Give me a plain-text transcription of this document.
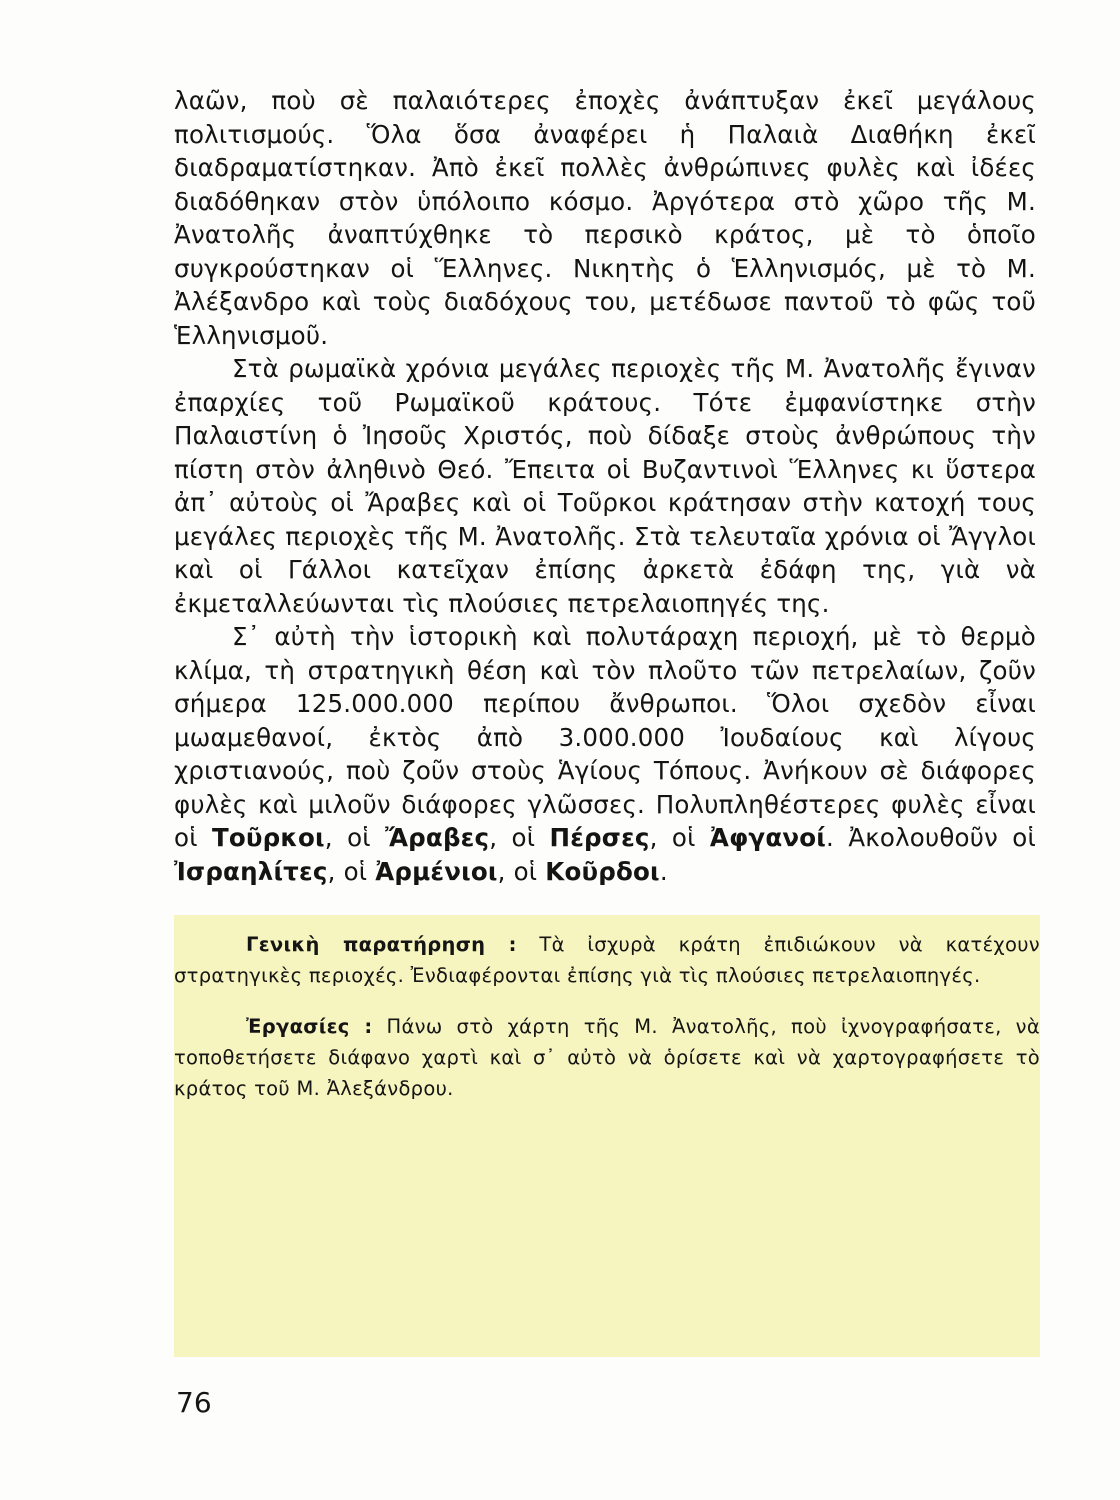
λαῶν, ποὺ σὲ παλαιότερες ἐποχὲς ἀνάπτυξαν ἐκεῖ μεγάλους πολιτισμούς. Ὅλα ὅσα ἀναφέρει ἡ Παλαιὰ Διαθήκη ἐκεῖ διαδραματίστηκαν. Ἀπὸ ἐκεῖ πολλὲς ἀνθρώπινες φυλὲς καὶ ἰδέες διαδόθηκαν στὸν ὑπόλοιπο κόσμο. Ἀργότερα στὸ χῶρο τῆς Μ. Ἀνατολῆς ἀναπτύχθηκε τὸ περσικὸ κράτος, μὲ τὸ ὁποῖο συγκρούστηκαν οἱ Ἕλληνες. Νικητὴς ὁ Ἑλληνισμός, μὲ τὸ Μ. Ἀλέξανδρο καὶ τοὺς διαδόχους του, μετέδωσε παντοῦ τὸ φῶς τοῦ Ἑλληνισμοῦ.

Στὰ ρωμαϊκὰ χρόνια μεγάλες περιοχὲς τῆς Μ. Ἀνατολῆς ἔγιναν ἐπαρχίες τοῦ Ρωμαϊκοῦ κράτους. Τότε ἐμφανίστηκε στὴν Παλαιστίνη ὁ Ἰησοῦς Χριστός, ποὺ δίδαξε στοὺς ἀνθρώπους τὴν πίστη στὸν ἀληθινὸ Θεό. Ἔπειτα οἱ Βυζαντινοὶ Ἕλληνες κι ὕστερα ἀπ᾽ αὐτοὺς οἱ Ἄραβες καὶ οἱ Τοῦρκοι κράτησαν στὴν κατοχή τους μεγάλες περιοχὲς τῆς Μ. Ἀνατολῆς. Στὰ τελευταῖα χρόνια οἱ Ἄγγλοι καὶ οἱ Γάλλοι κατεῖχαν ἐπίσης ἀρκετὰ ἐδάφη της, γιὰ νὰ ἐκμεταλλεύωνται τὶς πλούσιες πετρελαιοπηγές της.

Σ᾽ αὐτὴ τὴν ἱστορικὴ καὶ πολυτάραχη περιοχή, μὲ τὸ θερμὸ κλίμα, τὴ στρατηγικὴ θέση καὶ τὸν πλοῦτο τῶν πετρελαίων, ζοῦν σήμερα 125.000.000 περίπου ἄνθρωποι. Ὅλοι σχεδὸν εἶναι μωαμεθανοί, ἐκτὸς ἀπὸ 3.000.000 Ἰουδαίους καὶ λίγους χριστιανούς, ποὺ ζοῦν στοὺς Ἁγίους Τόπους. Ἀνήκουν σὲ διάφορες φυλὲς καὶ μιλοῦν διάφορες γλῶσσες. Πολυπληθέστερες φυλὲς εἶναι οἱ Τοῦρκοι, οἱ Ἄραβες, οἱ Πέρσες, οἱ Ἀφγανοί. Ἀκολουθοῦν οἱ Ἰσραηλίτες, οἱ Ἀρμένιοι, οἱ Κοῦρδοι.

Γενικὴ παρατήρηση : Τὰ ἰσχυρὰ κράτη ἐπιδιώκουν νὰ κατέχουν στρατηγικὲς περιοχές. Ἐνδιαφέρονται ἐπίσης γιὰ τὶς πλούσιες πετρελαιοπηγές.

Ἐργασίες : Πάνω στὸ χάρτη τῆς Μ. Ἀνατολῆς, ποὺ ἰχνογραφήσατε, νὰ τοποθετήσετε διάφανο χαρτὶ καὶ σ᾽ αὐτὸ νὰ ὁρίσετε καὶ νὰ χαρτογραφήσετε τὸ κράτος τοῦ Μ. Ἀλεξάνδρου.

76
